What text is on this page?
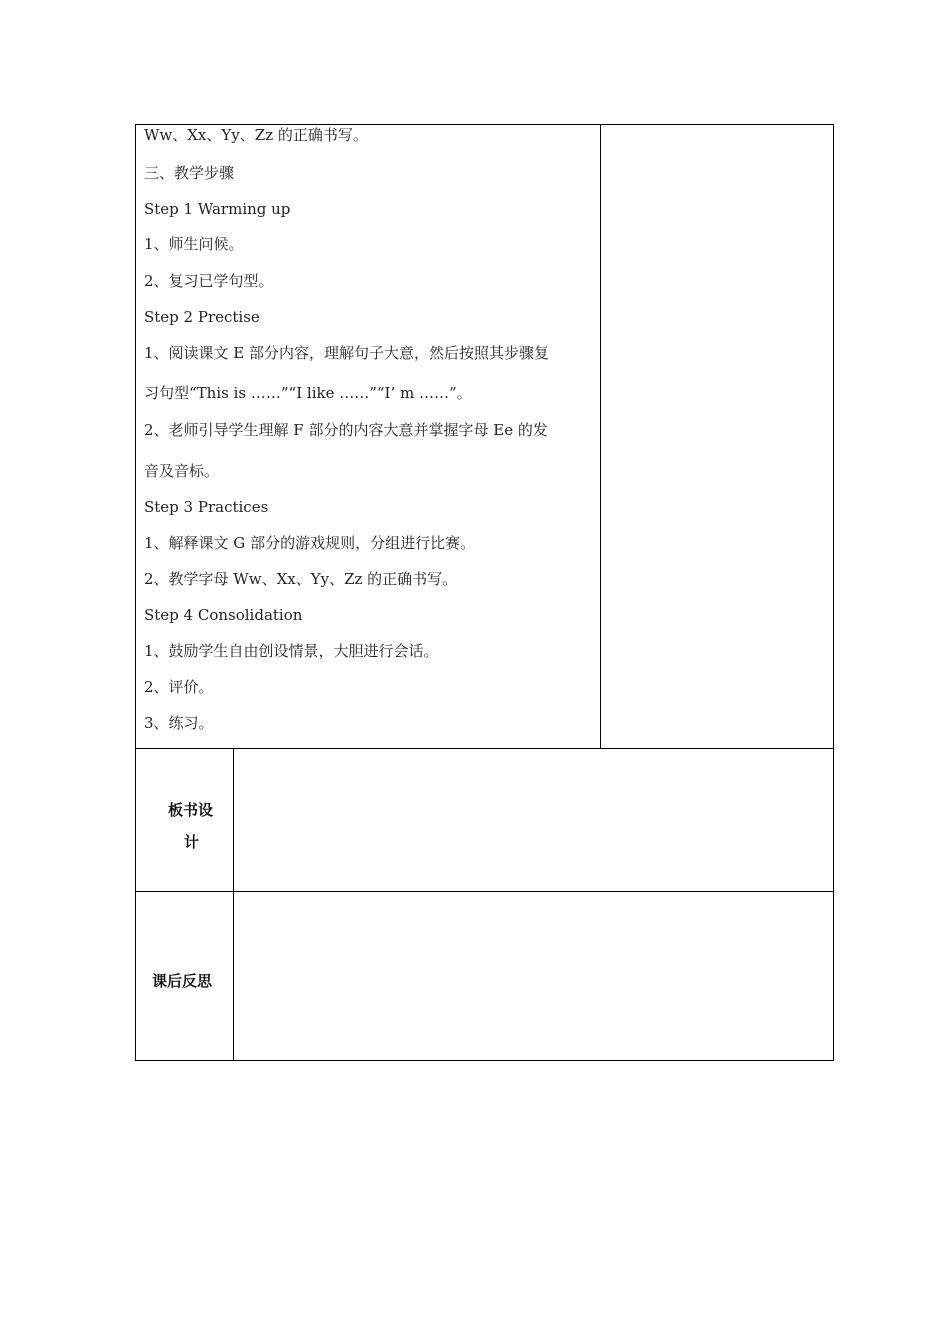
Ww、Xx、Yy、Zz 的正确书写。
三、教学步骤
Step 1 Warming up
1、师生问候。
2、复习已学句型。
Step 2 Prectise
1、阅读课文 E 部分内容，理解句子大意，然后按照其步骤复
习句型“This is ……”“I like ……”“I’ m ……”。
2、老师引导学生理解 F 部分的内容大意并掌握字母 Ee 的发
音及音标。
Step 3 Practices
1、解释课文 G 部分的游戏规则，分组进行比赛。
2、教学字母 Ww、Xx、Yy、Zz 的正确书写。
Step 4 Consolidation
1、鼓励学生自由创设情景，大胆进行会话。
2、评价。
3、练习。
板书设
计
课后反思
